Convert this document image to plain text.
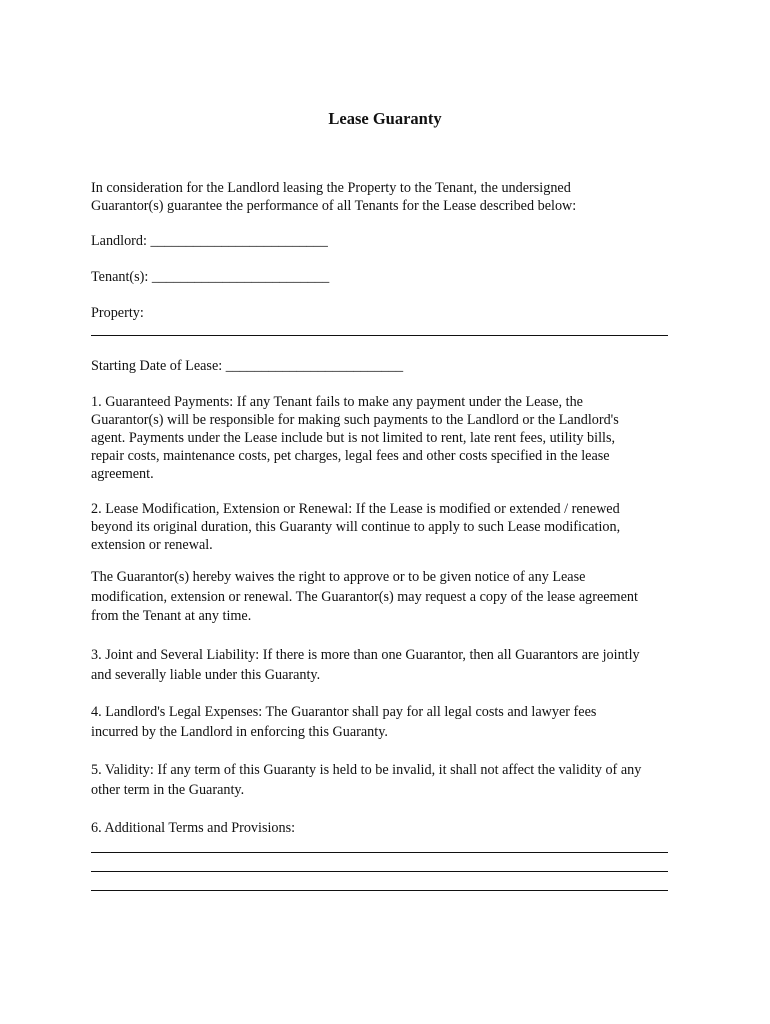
Lease Guaranty

In consideration for the Landlord leasing the Property to the Tenant, the undersigned
Guarantor(s) guarantee the performance of all Tenants for the Lease described below:

Landlord: _________________________

Tenant(s): _________________________

Property:

Starting Date of Lease: _________________________

1. Guaranteed Payments: If any Tenant fails to make any payment under the Lease, the
Guarantor(s) will be responsible for making such payments to the Landlord or the Landlord's
agent. Payments under the Lease include but is not limited to rent, late rent fees, utility bills,
repair costs, maintenance costs, pet charges, legal fees and other costs specified in the lease
agreement.

2. Lease Modification, Extension or Renewal: If the Lease is modified or extended / renewed
beyond its original duration, this Guaranty will continue to apply to such Lease modification,
extension or renewal.

The Guarantor(s) hereby waives the right to approve or to be given notice of any Lease
modification, extension or renewal. The Guarantor(s) may request a copy of the lease agreement
from the Tenant at any time.

3. Joint and Several Liability: If there is more than one Guarantor, then all Guarantors are jointly
and severally liable under this Guaranty.

4. Landlord's Legal Expenses: The Guarantor shall pay for all legal costs and lawyer fees
incurred by the Landlord in enforcing this Guaranty.

5. Validity: If any term of this Guaranty is held to be invalid, it shall not affect the validity of any
other term in the Guaranty.

6. Additional Terms and Provisions:
